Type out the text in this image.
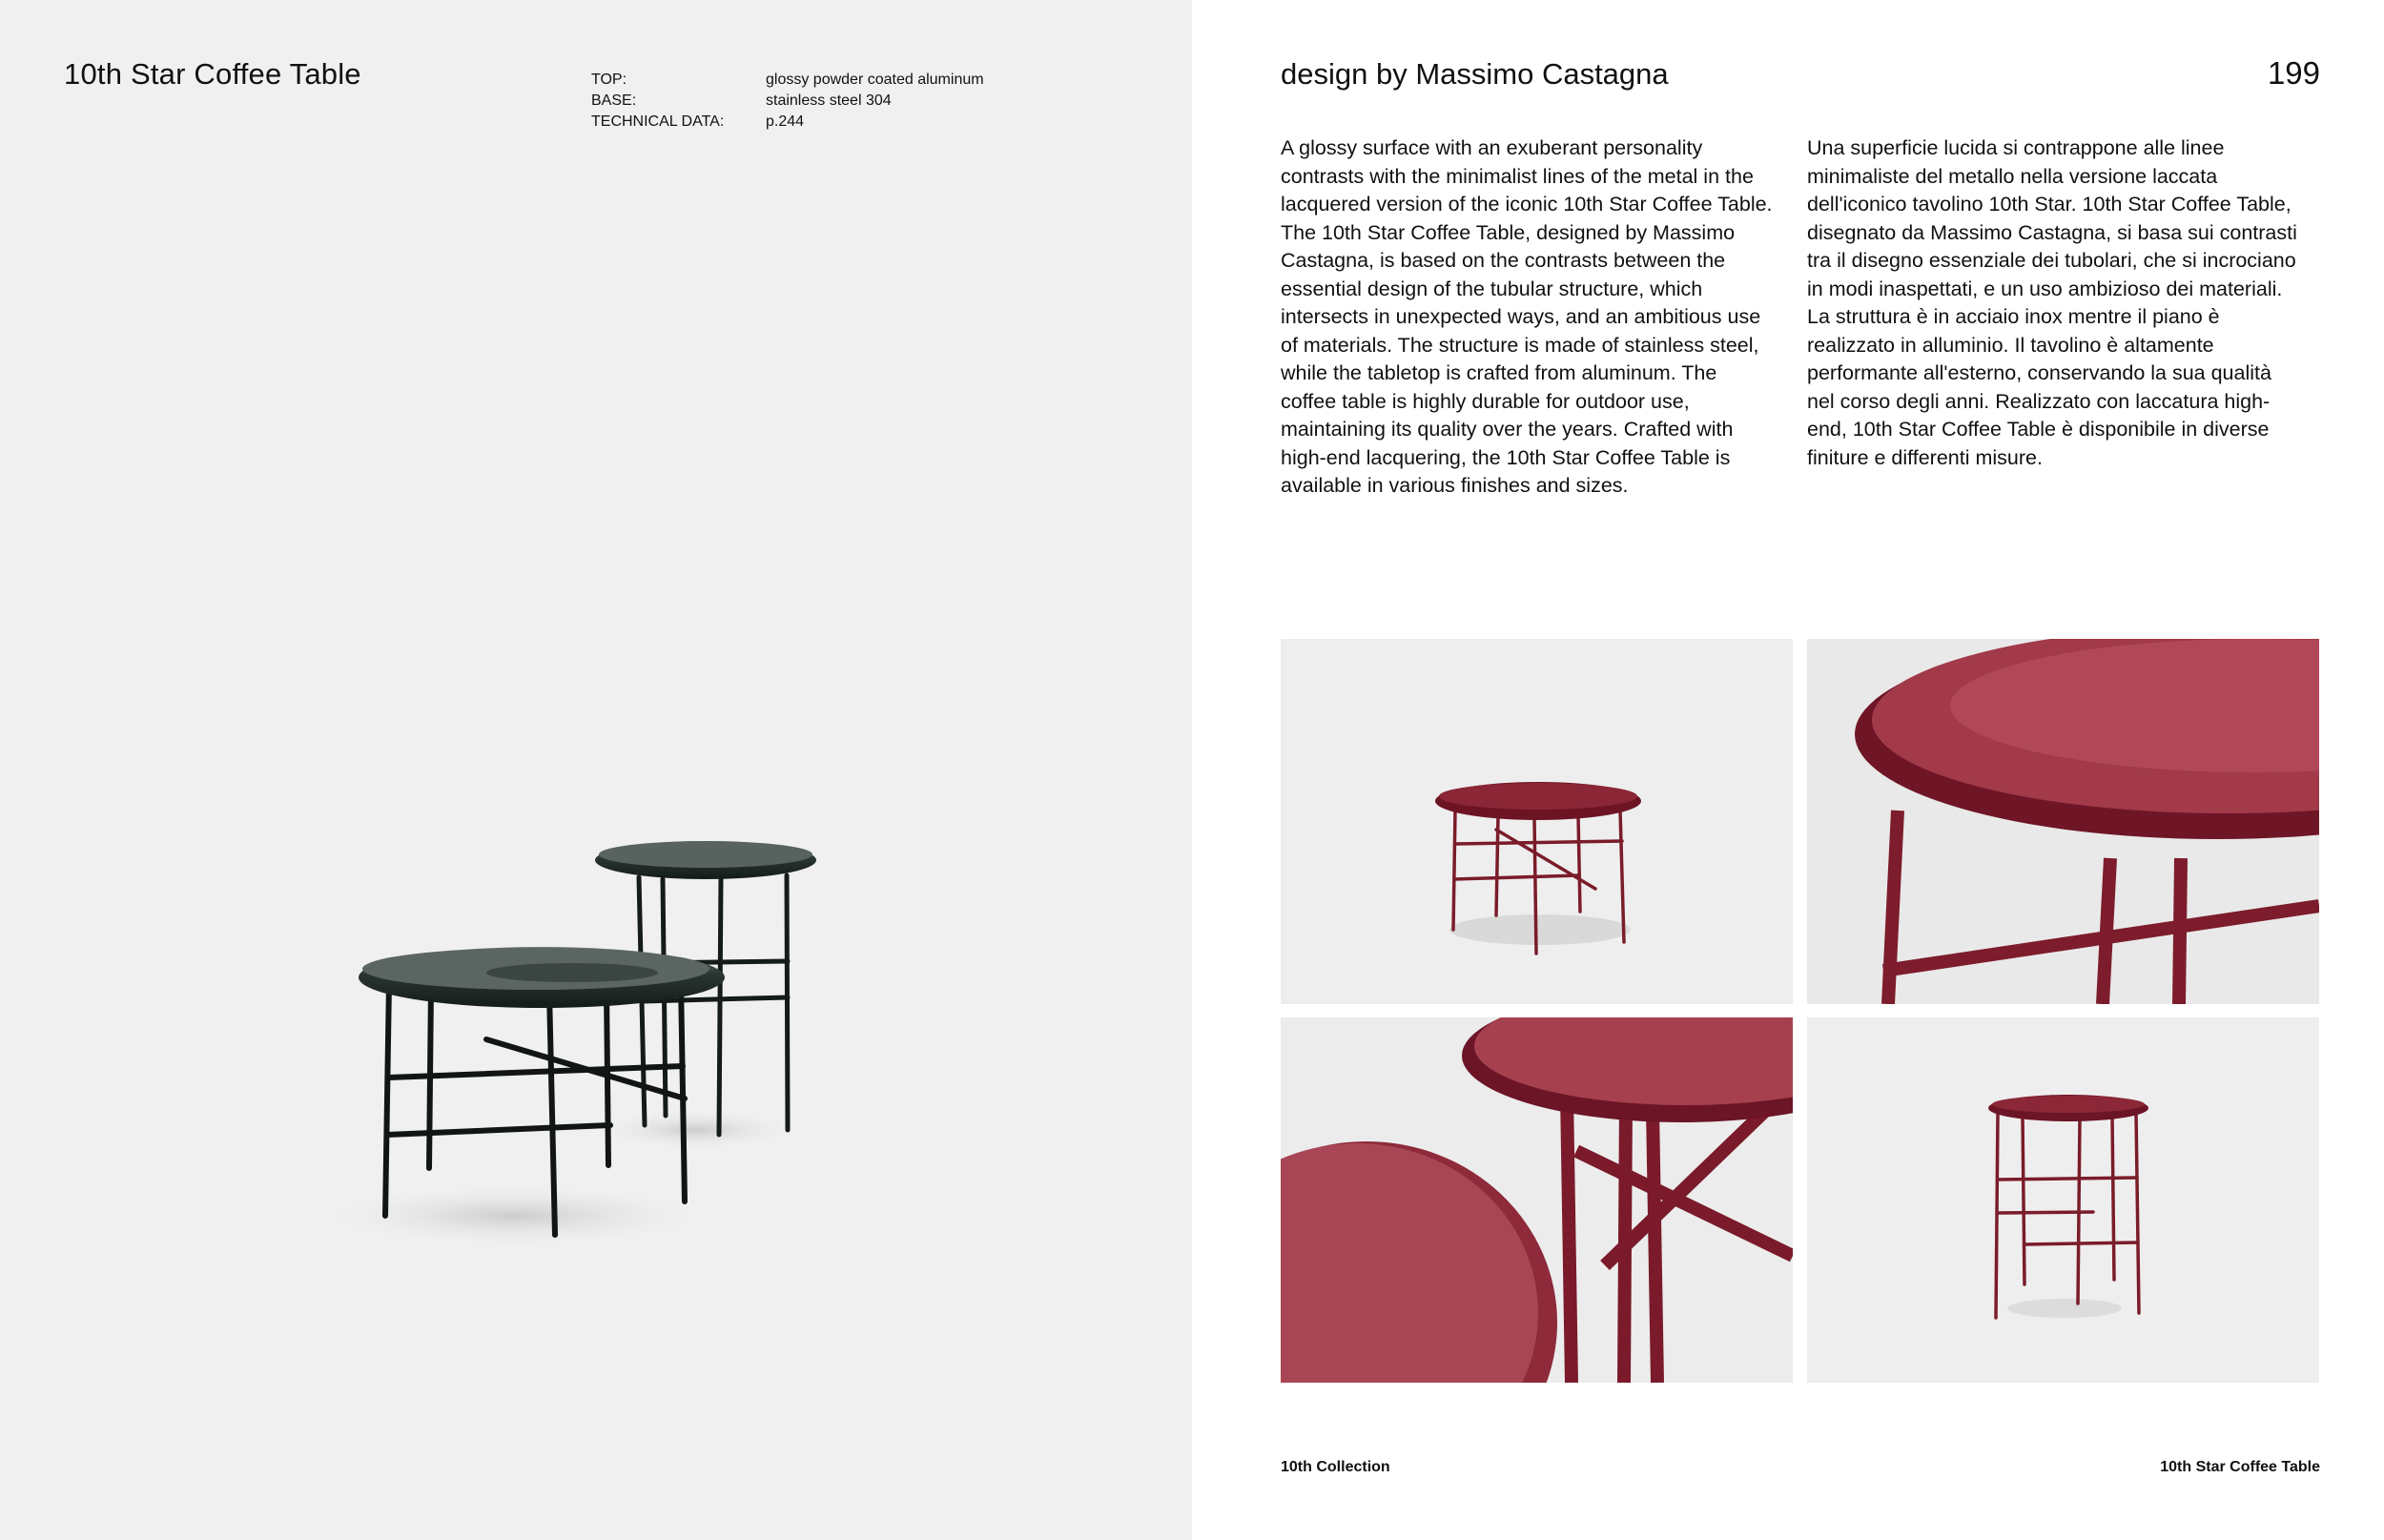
10th Star Coffee Table	TOP:	glossy powder coated aluminum
BASE:	stainless steel 304
TECHNICAL DATA:	p.244
design by Massimo Castagna	199

A glossy surface with an exuberant personality contrasts with the minimalist lines of the metal in the lacquered version of the iconic 10th Star Coffee Table. The 10th Star Coffee Table, designed by Massimo Castagna, is based on the contrasts between the essential design of the tubular structure, which intersects in unexpected ways, and an ambitious use of materials. The structure is made of stainless steel, while the tabletop is crafted from aluminum. The coffee table is highly durable for outdoor use, maintaining its quality over the years. Crafted with high-end lacquering, the 10th Star Coffee Table is available in various finishes and sizes.

Una superficie lucida si contrappone alle linee minimaliste del metallo nella versione laccata dell'iconico tavolino 10th Star. 10th Star Coffee Table, disegnato da Massimo Castagna, si basa sui contrasti tra il disegno essenziale dei tubolari, che si incrociano in modi inaspettati, e un uso ambizioso dei materiali. La struttura è in acciaio inox mentre il piano è realizzato in alluminio. Il tavolino è altamente performante all'esterno, conservando la sua qualità nel corso degli anni. Realizzato con laccatura high-end, 10th Star Coffee Table è disponibile in diverse finiture e differenti misure.

10th Collection	10th Star Coffee Table
